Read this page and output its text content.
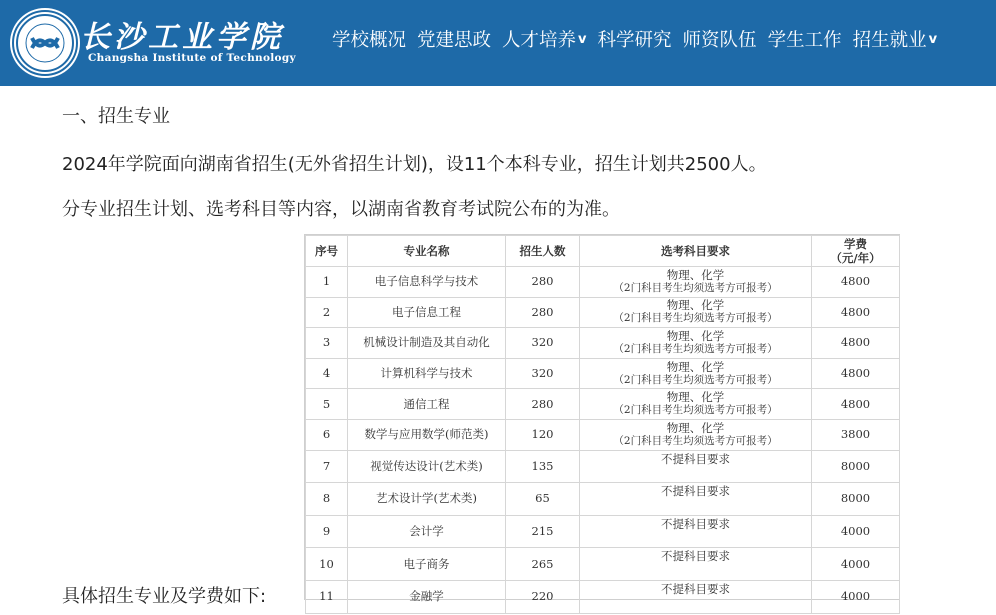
长沙工业学院
Changsha Institute of Technology
学校概况 党建思政 人才培养 v 科学研究 师资队伍 学生工作 招生就业 v
一、招生专业
2024年学院面向湖南省招生(无外省招生计划)，设11个本科专业，招生计划共2500人。
分专业招生计划、选考科目等内容，以湖南省教育考试院公布的为准。
序号	专业名称	招生人数	选考科目要求	学费
（元/年）

1	电子信息科学与技术	280	物理、化学
（2门科目考生均须选考方可报考）	4800
2	电子信息工程	280	物理、化学
（2门科目考生均须选考方可报考）	4800
3	机械设计制造及其自动化	320	物理、化学
（2门科目考生均须选考方可报考）	4800
4	计算机科学与技术	320	物理、化学
（2门科目考生均须选考方可报考）	4800
5	通信工程	280	物理、化学
（2门科目考生均须选考方可报考）	4800
6	数学与应用数学(师范类)	120	物理、化学
（2门科目考生均须选考方可报考）	3800
7	视觉传达设计(艺术类)	135	不提科目要求	8000
8	艺术设计学(艺术类)	65	不提科目要求	8000
9	会计学	215	不提科目要求	4000
10	电子商务	265	不提科目要求	4000
11	金融学	220	不提科目要求	4000
具体招生专业及学费如下:
